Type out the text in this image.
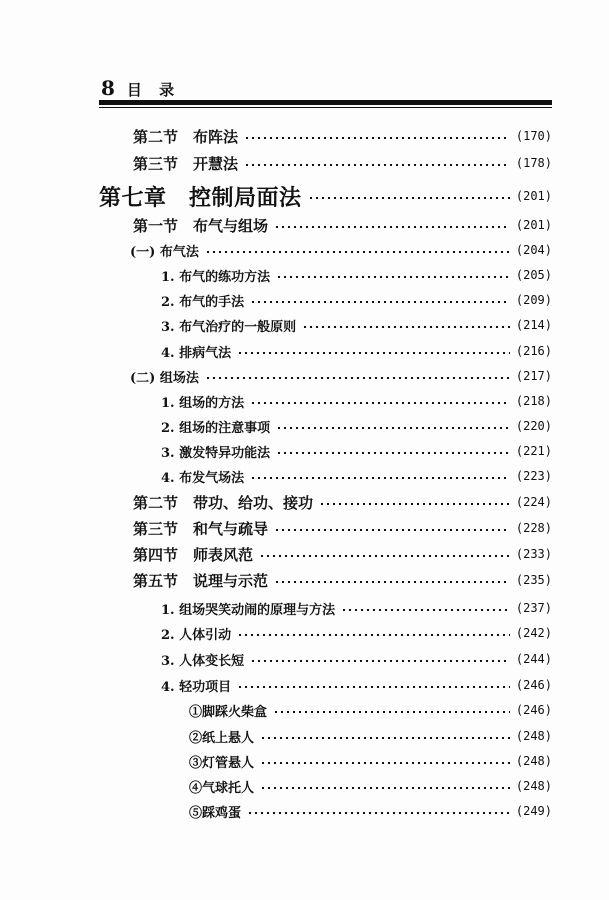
8 目 录
第二节　布阵法	(170)
第三节　开慧法	(178)
第七章　控制局面法	(201)
第一节　布气与组场	(201)
(一) 布气法	(204)
1. 布气的练功方法	(205)
2. 布气的手法	(209)
3. 布气治疗的一般原则	(214)
4. 排病气法	(216)
(二) 组场法	(217)
1. 组场的方法	(218)
2. 组场的注意事项	(220)
3. 激发特异功能法	(221)
4. 布发气场法	(223)
第二节　带功、给功、接功	(224)
第三节　和气与疏导	(228)
第四节　师表风范	(233)
第五节　说理与示范	(235)
1. 组场哭笑动闹的原理与方法	(237)
2. 人体引动	(242)
3. 人体变长短	(244)
4. 轻功项目	(246)
①脚踩火柴盒	(246)
②纸上悬人	(248)
③灯管悬人	(248)
④气球托人	(248)
⑤踩鸡蛋	(249)
